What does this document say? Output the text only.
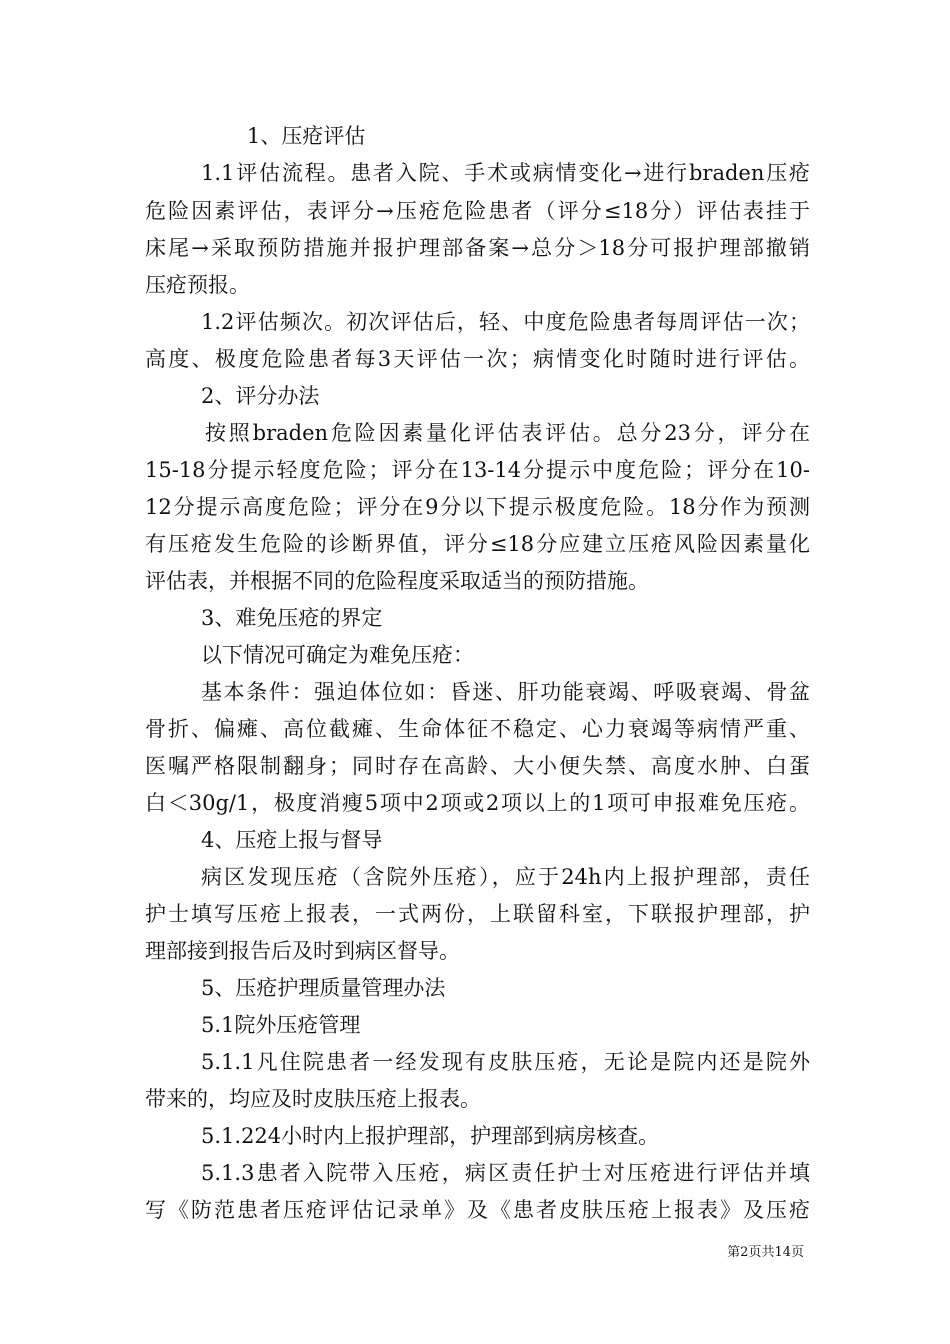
1、压疮评估
1.1评估流程。患者入院、手术或病情变化→进行braden压疮
危险因素评估，表评分→压疮危险患者（评分≤18分）评估表挂于
床尾→采取预防措施并报护理部备案→总分＞18分可报护理部撤销
压疮预报。
1.2评估频次。初次评估后，轻、中度危险患者每周评估一次；
高度、极度危险患者每3天评估一次；病情变化时随时进行评估。
2、评分办法
按照braden危险因素量化评估表评估。总分23分，评分在
15-18分提示轻度危险；评分在13-14分提示中度危险；评分在10-
12分提示高度危险；评分在9分以下提示极度危险。18分作为预测
有压疮发生危险的诊断界值，评分≤18分应建立压疮风险因素量化
评估表，并根据不同的危险程度采取适当的预防措施。
3、难免压疮的界定
以下情况可确定为难免压疮：
基本条件：强迫体位如：昏迷、肝功能衰竭、呼吸衰竭、骨盆
骨折、偏瘫、高位截瘫、生命体征不稳定、心力衰竭等病情严重、
医嘱严格限制翻身；同时存在高龄、大小便失禁、高度水肿、白蛋
白＜30g/1，极度消瘦5项中2项或2项以上的1项可申报难免压疮。
4、压疮上报与督导
病区发现压疮（含院外压疮），应于24h内上报护理部，责任
护士填写压疮上报表，一式两份，上联留科室，下联报护理部，护
理部接到报告后及时到病区督导。
5、压疮护理质量管理办法
5.1院外压疮管理
5.1.1凡住院患者一经发现有皮肤压疮，无论是院内还是院外
带来的，均应及时皮肤压疮上报表。
5.1.224小时内上报护理部，护理部到病房核查。
5.1.3患者入院带入压疮，病区责任护士对压疮进行评估并填
写《防范患者压疮评估记录单》及《患者皮肤压疮上报表》及压疮
第2页共14页
